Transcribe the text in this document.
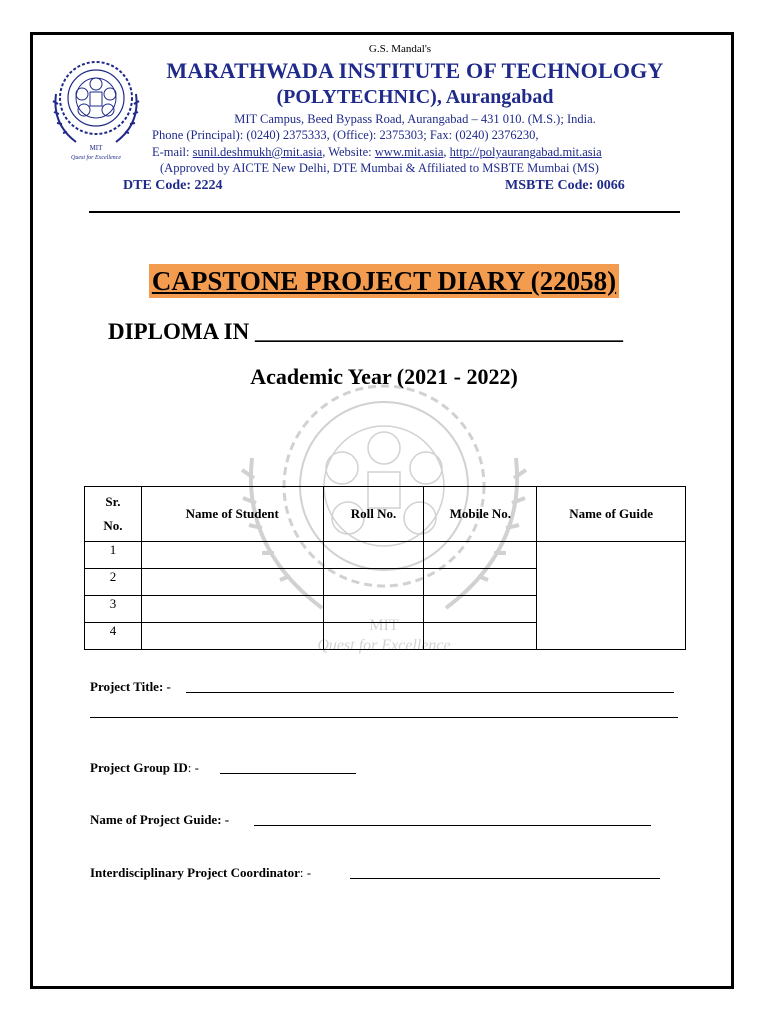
MIT
Quest for Excellence
G.S. Mandal's
MARATHWADA INSTITUTE OF TECHNOLOGY
(POLYTECHNIC), Aurangabad
MIT Campus, Beed Bypass Road, Aurangabad – 431 010. (M.S.); India.
Phone (Principal): (0240) 2375333, (Office): 2375303; Fax: (0240) 2376230,
E-mail: sunil.deshmukh@mit.asia, Website: www.mit.asia, http://polyaurangabad.mit.asia
(Approved by AICTE New Delhi, DTE Mumbai & Affiliated to MSBTE Mumbai (MS)
DTE Code: 2224	MSBTE Code: 0066
MIT
Quest for Excellence
CAPSTONE PROJECT DIARY (22058)
DIPLOMA IN ________________________________
Academic Year (2021 - 2022)
Sr.
No.	Name of Student	Roll No.	Mobile No.	Name of Guide
1				
2				
3				
4				
Project Title: -
Project Group ID: -
Name of Project Guide: -
Interdisciplinary Project Coordinator: -
